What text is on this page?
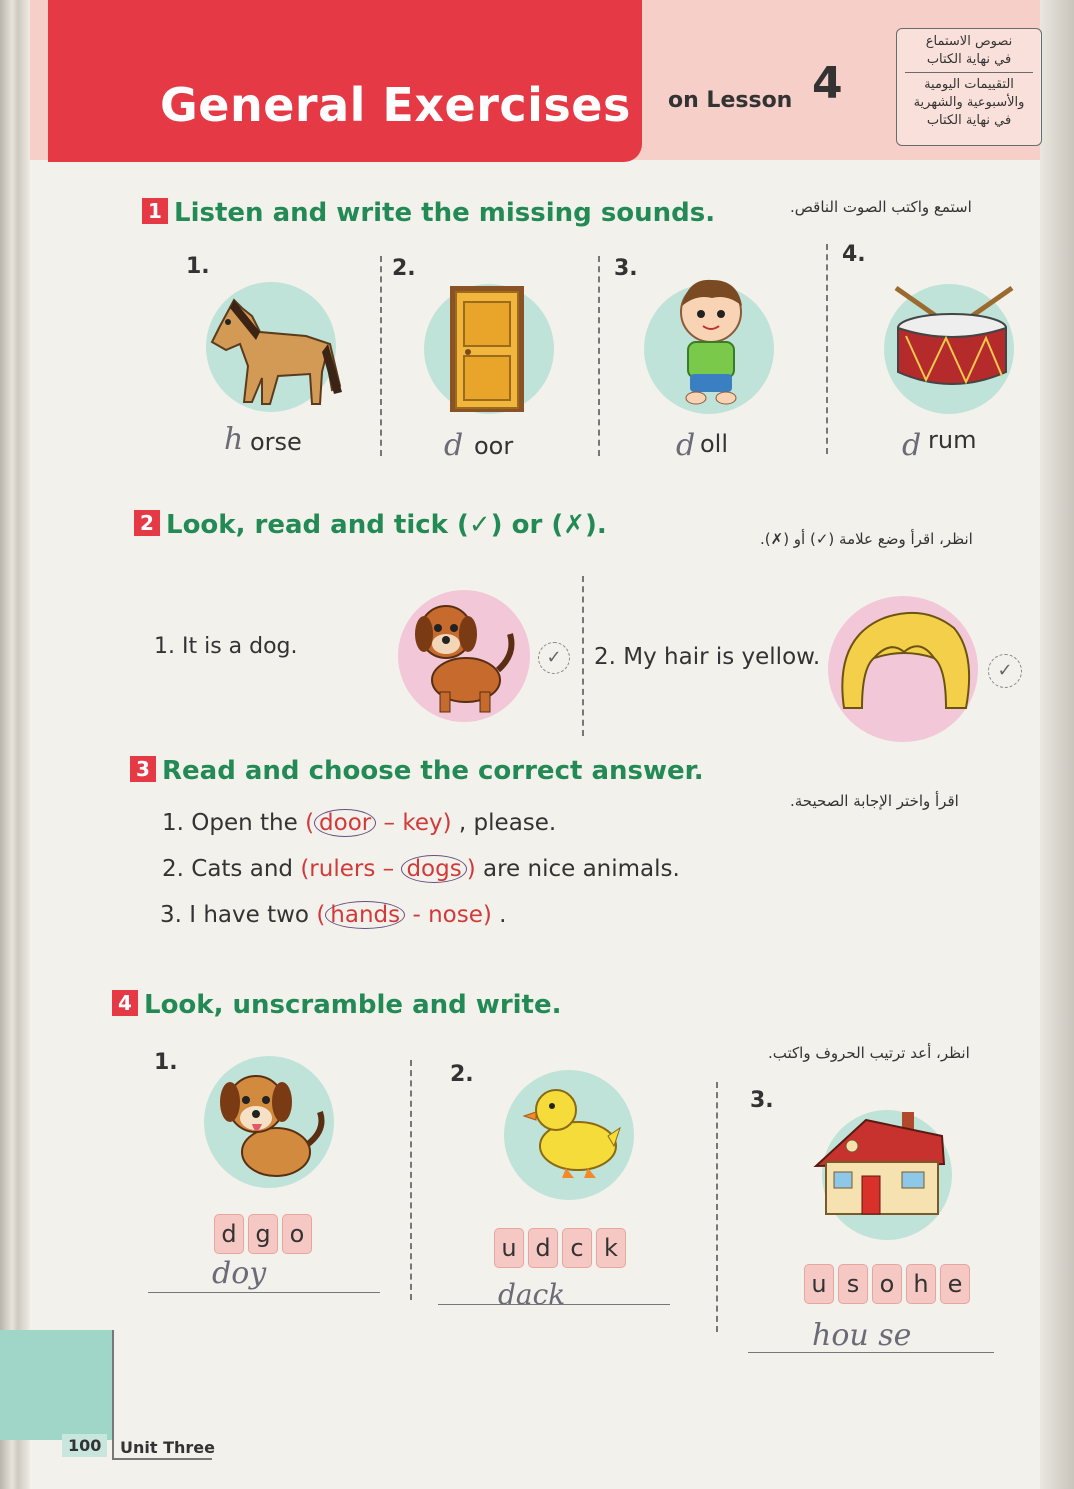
General Exercises on Lesson 4
نصوص الاستماع
في نهاية الكتاب
التقييمات اليومية
والأسبوعية والشهرية
في نهاية الكتاب
1 Listen and write the missing sounds.	استمع واكتب الصوت الناقص.
1.	2.	3.
4.
orse
h	oor
d	oll
d	rum
d
2 Look, read and tick (✓) or (✗).	انظر، اقرأ وضع علامة (✓) أو (✗).
1. It is a dog.	✓	2. My hair is yellow.
✓
3 Read and choose the correct answer.
اقرأ واختر الإجابة الصحيحة.
1. Open the ( door – key) , please.
2. Cats and (rulers – dogs ) are nice animals.
3. I have two ( hands - nose) .
4 Look, unscramble and write.
انظر، أعد ترتيب الحروف واكتب.
1.	2.
3.
d g o
doy
u d c k
dack	u s o h e
hou se
100	Unit Three
